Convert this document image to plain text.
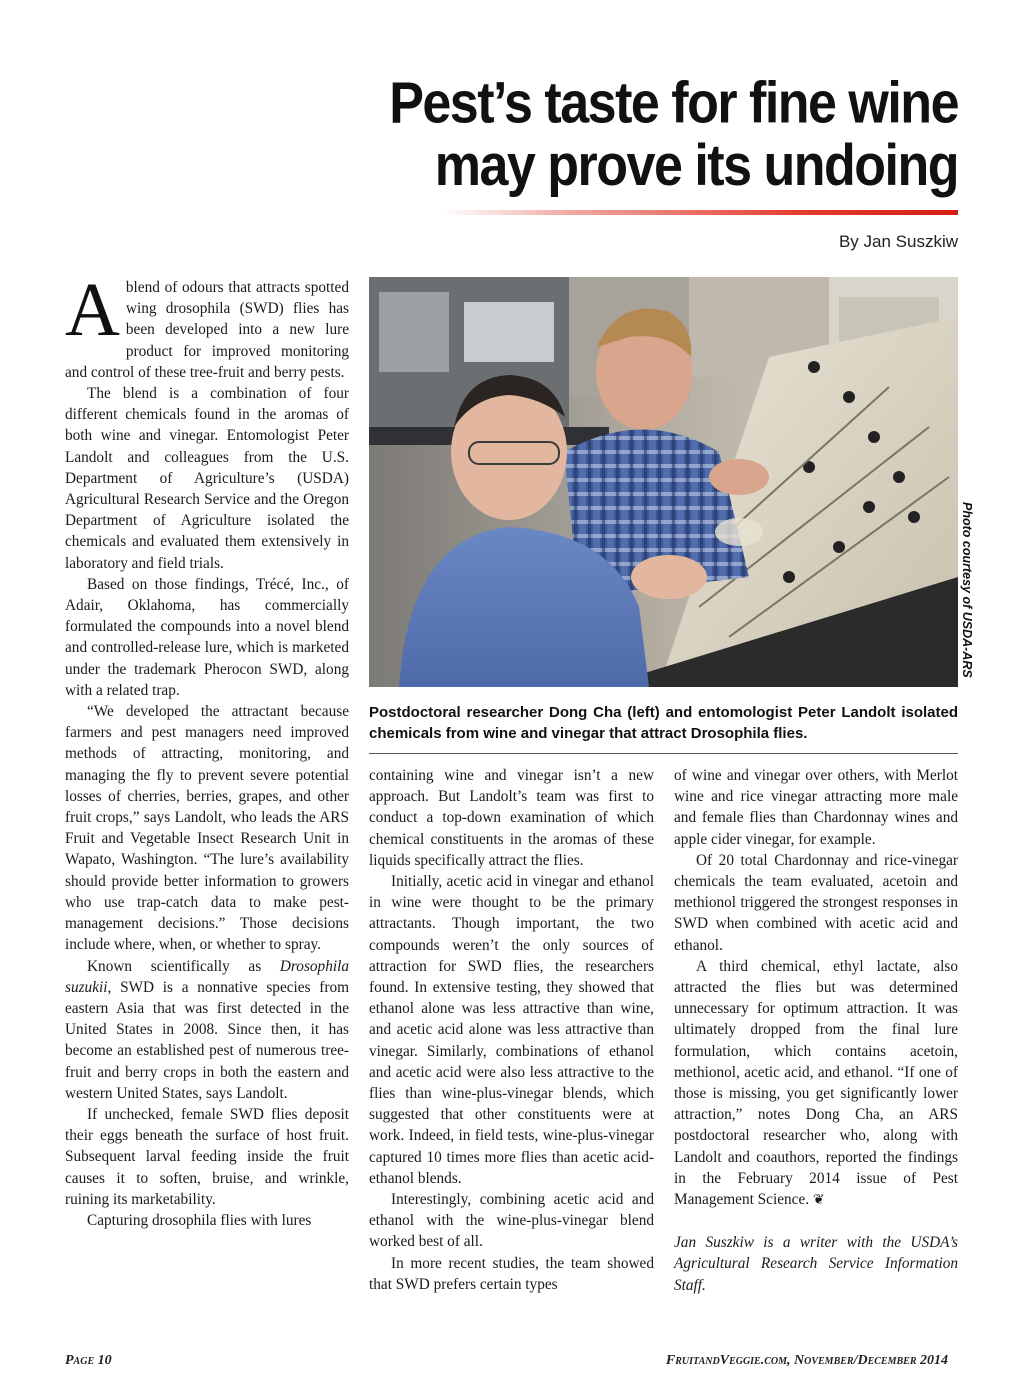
Pest’s taste for fine wine
may prove its undoing
By Jan Suszkiw

Ablend of odours that attracts spotted wing drosophila (SWD) flies has been developed into a new lure product for improved monitoring and control of these tree-fruit and berry pests.

The blend is a combination of four different chemicals found in the aromas of both wine and vinegar. Entomologist Peter Landolt and colleagues from the U.S. Department of Agriculture’s (USDA) Agricultural Research Service and the Oregon Department of Agriculture isolated the chemicals and evaluated them extensively in laboratory and field trials.

Based on those findings, Trécé, Inc., of Adair, Oklahoma, has commercially formulated the compounds into a novel blend and controlled-release lure, which is marketed under the trademark Pherocon SWD, along with a related trap.

“We developed the attractant because farmers and pest managers need improved methods of attracting, monitoring, and managing the fly to prevent severe potential losses of cherries, berries, grapes, and other fruit crops,” says Landolt, who leads the ARS Fruit and Vegetable Insect Research Unit in Wapato, Washington. “The lure’s availability should provide better information to growers who use trap-catch data to make pest-management decisions.” Those decisions include where, when, or whether to spray.

Known scientifically as Drosophila suzukii, SWD is a nonnative species from eastern Asia that was first detected in the United States in 2008. Since then, it has become an established pest of numerous tree-fruit and berry crops in both the eastern and western United States, says Landolt.

If unchecked, female SWD flies deposit their eggs beneath the surface of host fruit. Subsequent larval feeding inside the fruit causes it to soften, bruise, and wrinkle, ruining its marketability.

Capturing drosophila flies with lures

Photo courtesy of USDA-ARS
Postdoctoral researcher Dong Cha (left) and entomologist Peter Landolt isolated chemicals from wine and vinegar that attract Drosophila flies.

containing wine and vinegar isn’t a new approach. But Landolt’s team was first to conduct a top-down examination of which chemical constituents in the aromas of these liquids specifically attract the flies.

Initially, acetic acid in vinegar and ethanol in wine were thought to be the primary attractants. Though important, the two compounds weren’t the only sources of attraction for SWD flies, the researchers found. In extensive testing, they showed that ethanol alone was less attractive than wine, and acetic acid alone was less attractive than vinegar. Similarly, combinations of ethanol and acetic acid were also less attractive to the flies than wine-plus-vinegar blends, which suggested that other constituents were at work. Indeed, in field tests, wine-plus-vinegar captured 10 times more flies than acetic acid-ethanol blends.

Interestingly, combining acetic acid and ethanol with the wine-plus-vinegar blend worked best of all.

In more recent studies, the team showed that SWD prefers certain types

of wine and vinegar over others, with Merlot wine and rice vinegar attracting more male and female flies than Chardonnay wines and apple cider vinegar, for example.

Of 20 total Chardonnay and rice-vinegar chemicals the team evaluated, acetoin and methionol triggered the strongest responses in SWD when combined with acetic acid and ethanol.

A third chemical, ethyl lactate, also attracted the flies but was determined unnecessary for optimum attraction. It was ultimately dropped from the final lure formulation, which contains acetoin, methionol, acetic acid, and ethanol. “If one of those is missing, you get significantly lower attraction,” notes Dong Cha, an ARS postdoctoral researcher who, along with Landolt and coauthors, reported the findings in the February 2014 issue of Pest Management Science. ❦

Jan Suszkiw is a writer with the USDA’s Agricultural Research Service Information Staff.

Page 10	FruitandVeggie.com, November/December 2014
